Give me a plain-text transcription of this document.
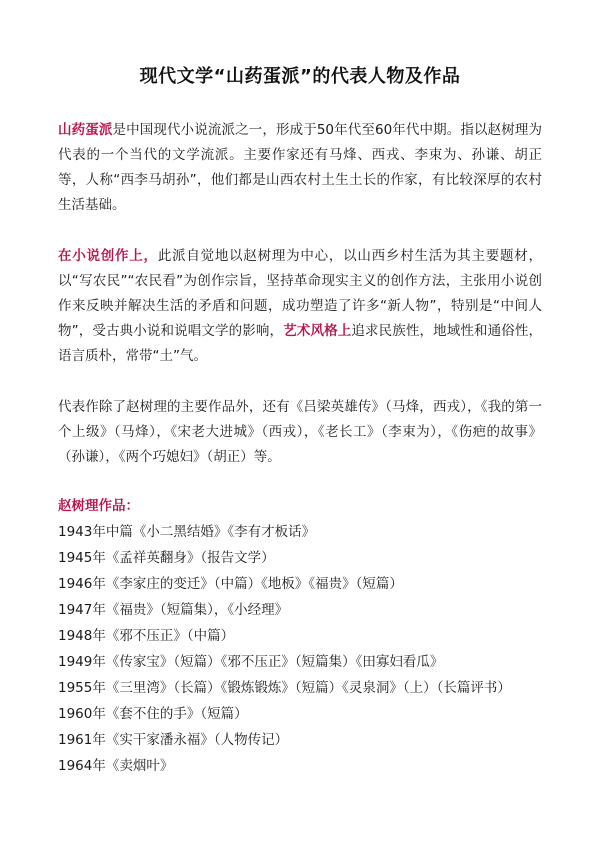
现代文学“山药蛋派”的代表人物及作品

山药蛋派是中国现代小说流派之一，形成于50年代至60年代中期。指以赵树理为代表的一个当代的文学流派。主要作家还有马烽、西戎、李束为、孙谦、胡正等，人称“西李马胡孙”，他们都是山西农村土生土长的作家，有比较深厚的农村生活基础。

在小说创作上，此派自觉地以赵树理为中心，以山西乡村生活为其主要题材，以“写农民”“农民看”为创作宗旨，坚持革命现实主义的创作方法，主张用小说创作来反映并解决生活的矛盾和问题，成功塑造了许多“新人物”，特别是“中间人物”，受古典小说和说唱文学的影响，艺术风格上追求民族性，地域性和通俗性，语言质朴，常带“土”气。

代表作除了赵树理的主要作品外，还有《吕梁英雄传》（马烽，西戎），《我的第一个上级》（马烽），《宋老大进城》（西戎），《老长工》（李束为），《伤疤的故事》（孙谦），《两个巧媳妇》（胡正）等。

赵树理作品：
1943年中篇《小二黑结婚》《李有才板话》
1945年《孟祥英翻身》（报告文学）
1946年《李家庄的变迁》（中篇）《地板》《福贵》（短篇）
1947年《福贵》（短篇集），《小经理》
1948年《邪不压正》（中篇）
1949年《传家宝》（短篇）《邪不压正》（短篇集）《田寡妇看瓜》
1955年《三里湾》（长篇）《锻炼锻炼》（短篇）《灵泉洞》（上）（长篇评书）
1960年《套不住的手》（短篇）
1961年《实干家潘永福》（人物传记）
1964年《卖烟叶》
